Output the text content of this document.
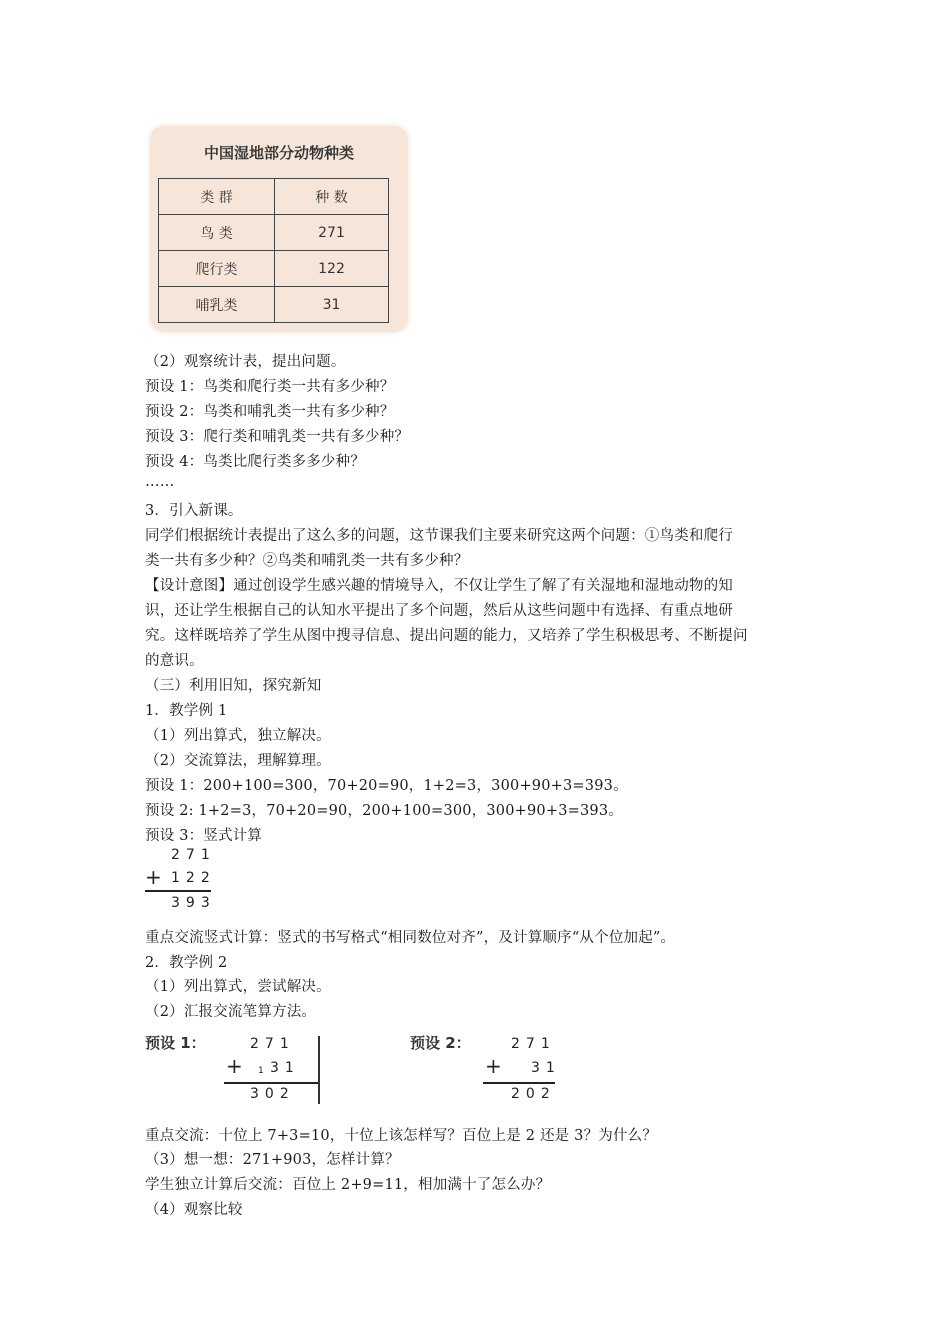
中国湿地部分动物种类
类 群	种 数
鸟 类	271
爬行类	122
哺乳类	31
（2）观察统计表，提出问题。
预设 1：鸟类和爬行类一共有多少种？
预设 2：鸟类和哺乳类一共有多少种？
预设 3：爬行类和哺乳类一共有多少种？
预设 4：鸟类比爬行类多多少种？
……
3．引入新课。
同学们根据统计表提出了这么多的问题，这节课我们主要来研究这两个问题：①鸟类和爬行
类一共有多少种？②鸟类和哺乳类一共有多少种？
【设计意图】通过创设学生感兴趣的情境导入，不仅让学生了解了有关湿地和湿地动物的知
识，还让学生根据自己的认知水平提出了多个问题，然后从这些问题中有选择、有重点地研
究。这样既培养了学生从图中搜寻信息、提出问题的能力，又培养了学生积极思考、不断提问
的意识。
（三）利用旧知，探究新知
1．教学例 1
（1）列出算式，独立解决。
（2）交流算法，理解算理。
预设 1：200+100=300，70+20=90，1+2=3，300+90+3=393。
预设 2: 1+2=3，70+20=90，200+100=300，300+90+3=393。
预设 3：竖式计算
271
+ 122
393
重点交流竖式计算：竖式的书写格式“相同数位对齐”，及计算顺序“从个位加起”。
2．教学例 2
（1）列出算式，尝试解决。
（2）汇报交流笔算方法。
预设 1：	271
+ 1 31
302
预设 2：	271
+ 31
202
重点交流：十位上 7+3=10，十位上该怎样写？百位上是 2 还是 3？为什么？
（3）想一想：271+903，怎样计算？
学生独立计算后交流：百位上 2+9=11，相加满十了怎么办？
（4）观察比较
